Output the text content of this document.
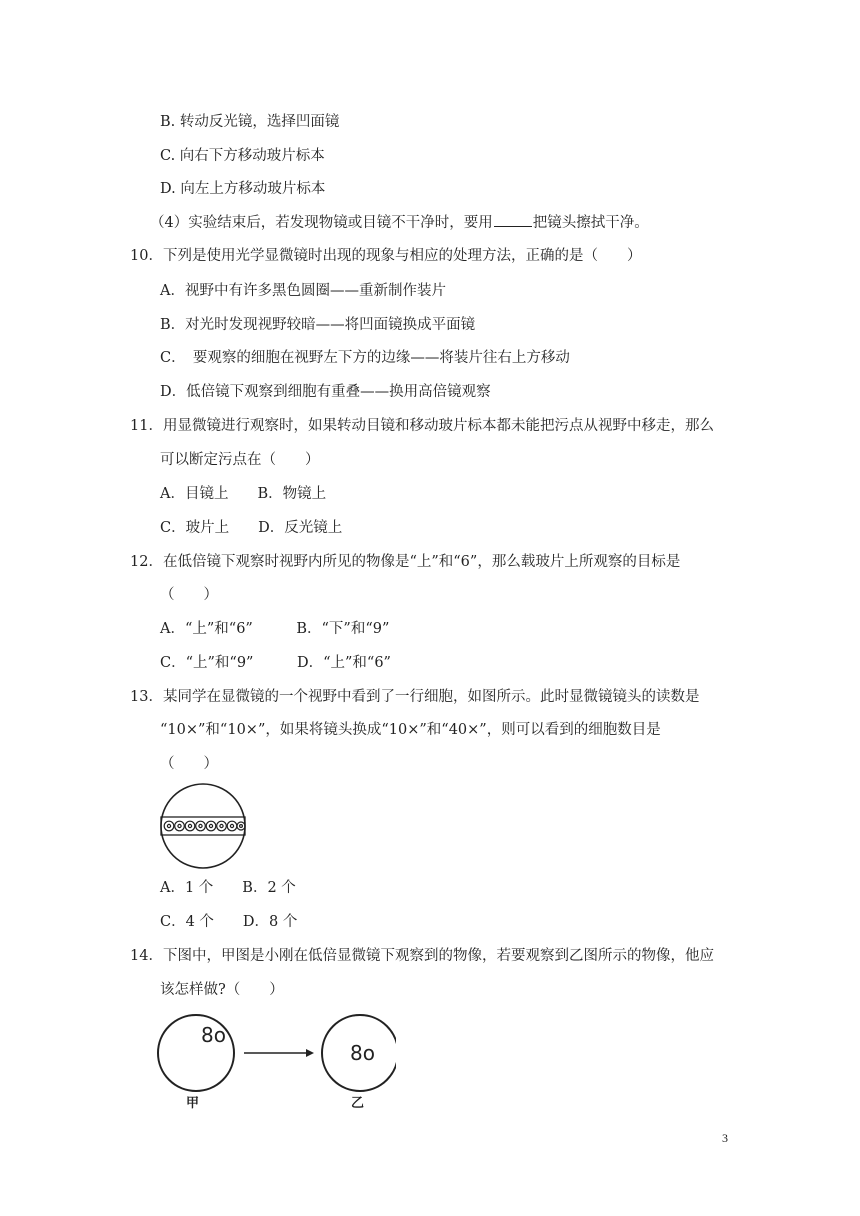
B. 转动反光镜，选择凹面镜
C. 向右下方移动玻片标本
D. 向左上方移动玻片标本
（4）实验结束后，若发现物镜或目镜不干净时，要用	把镜头擦拭干净。
10．下列是使用光学显微镜时出现的现象与相应的处理方法，正确的是（　　）
A．视野中有许多黑色圆圈——重新制作装片
B．对光时发现视野较暗——将凹面镜换成平面镜
C．　要观察的细胞在视野左下方的边缘——将装片往右上方移动
D．低倍镜下观察到细胞有重叠——换用高倍镜观察
11．用显微镜进行观察时，如果转动目镜和移动玻片标本都未能把污点从视野中移走，那么
可以断定污点在（　　）
A．目镜上　　B．物镜上
C．玻片上　　D．反光镜上
12．在低倍镜下观察时视野内所见的物像是“上”和“6”，那么载玻片上所观察的目标是
（　　）
A．“上”和“6”　　　B．“下”和“9”
C．“上”和“9”　　　D．“上”和“6”
13．某同学在显微镜的一个视野中看到了一行细胞，如图所示。此时显微镜镜头的读数是
“10×”和“10×”，如果将镜头换成“10×”和“40×”，则可以看到的细胞数目是
（　　）
A．1 个　　B．2 个
C．4 个　　D．8 个
14．下图中，甲图是小刚在低倍显微镜下观察到的物像，若要观察到乙图所示的物像，他应
该怎样做?（　　）
8o
8o
甲	乙
3
